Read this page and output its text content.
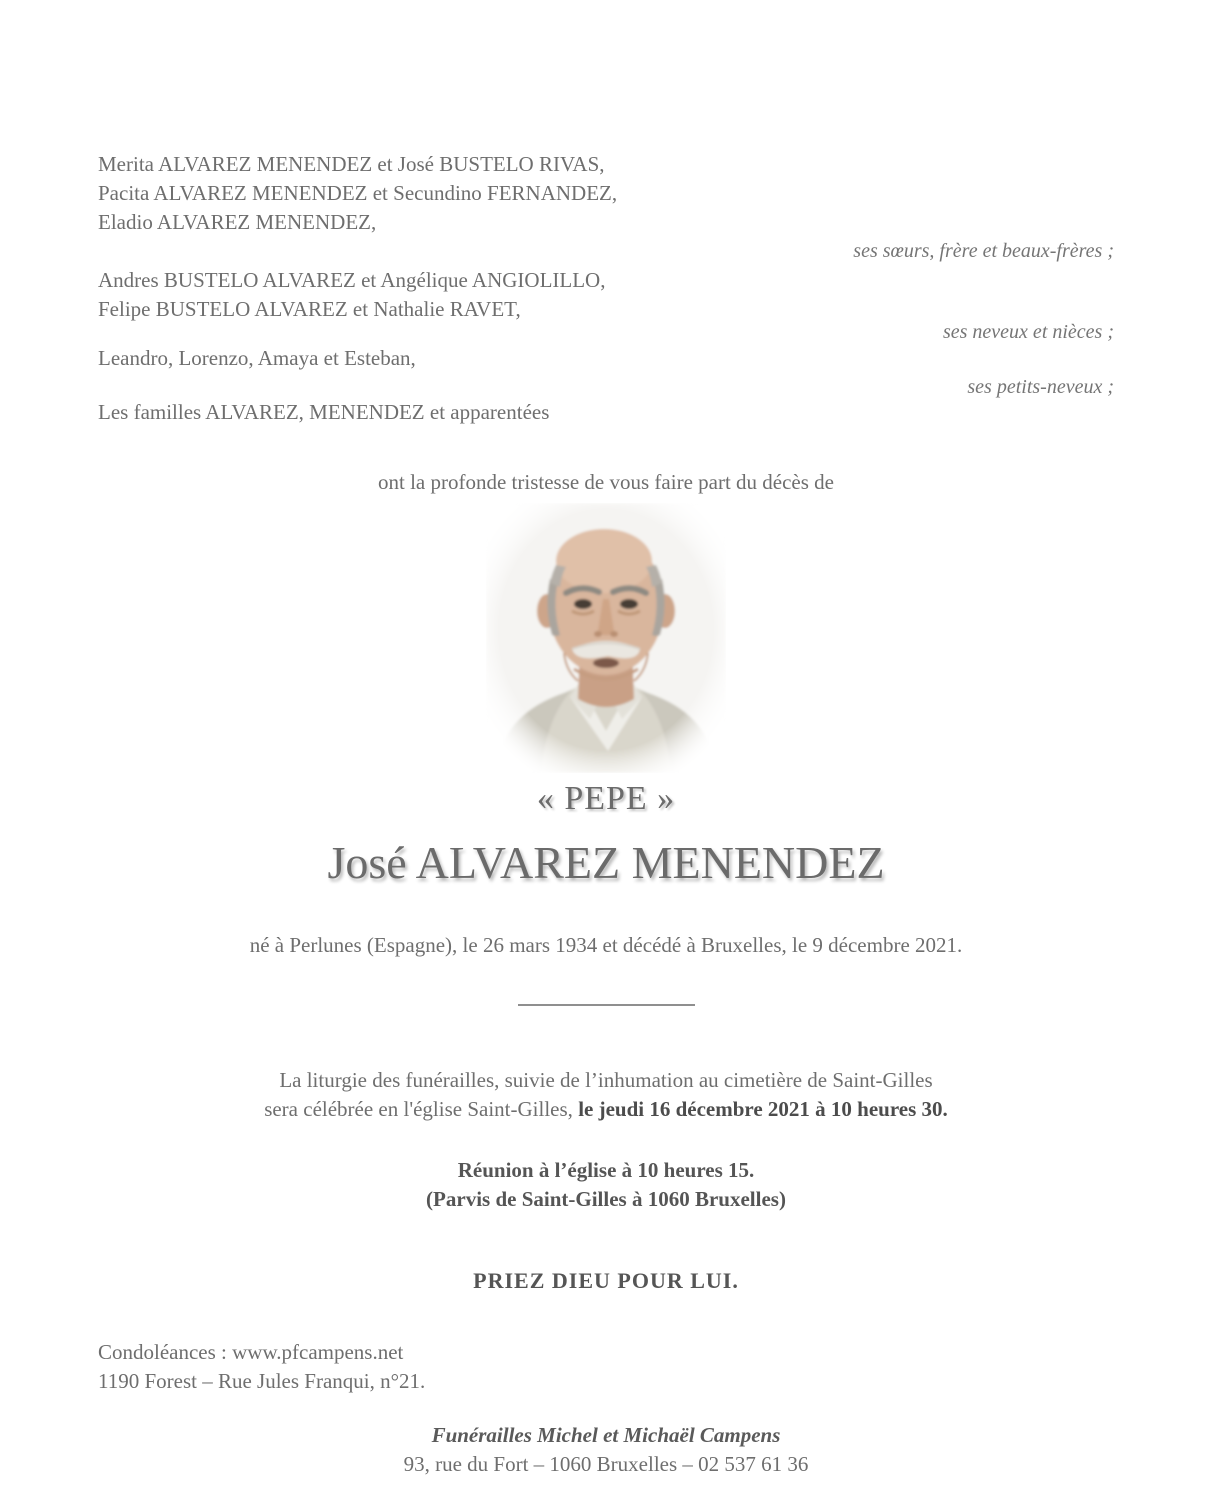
Merita ALVAREZ MENENDEZ et José BUSTELO RIVAS,
Pacita ALVAREZ MENENDEZ et Secundino FERNANDEZ,
Eladio ALVAREZ MENENDEZ,
ses sœurs, frère et beaux-frères ;
Andres BUSTELO ALVAREZ et Angélique ANGIOLILLO,
Felipe BUSTELO ALVAREZ et Nathalie RAVET,
ses neveux et nièces ;
Leandro, Lorenzo, Amaya et Esteban,
ses petits-neveux ;
Les familles ALVAREZ, MENENDEZ et apparentées
ont la profonde tristesse de vous faire part du décès de
« PEPE »
José ALVAREZ MENENDEZ
né à Perlunes (Espagne), le 26 mars 1934 et décédé à Bruxelles, le 9 décembre 2021.
La liturgie des funérailles, suivie de l’inhumation au cimetière de Saint-Gilles
sera célébrée en l'église Saint-Gilles, le jeudi 16 décembre 2021 à 10 heures 30.
Réunion à l’église à 10 heures 15.
(Parvis de Saint-Gilles à 1060 Bruxelles)
PRIEZ DIEU POUR LUI.
Condoléances : www.pfcampens.net
1190 Forest – Rue Jules Franqui, n°21.
Funérailles Michel et Michaël Campens
93, rue du Fort – 1060 Bruxelles – 02 537 61 36
